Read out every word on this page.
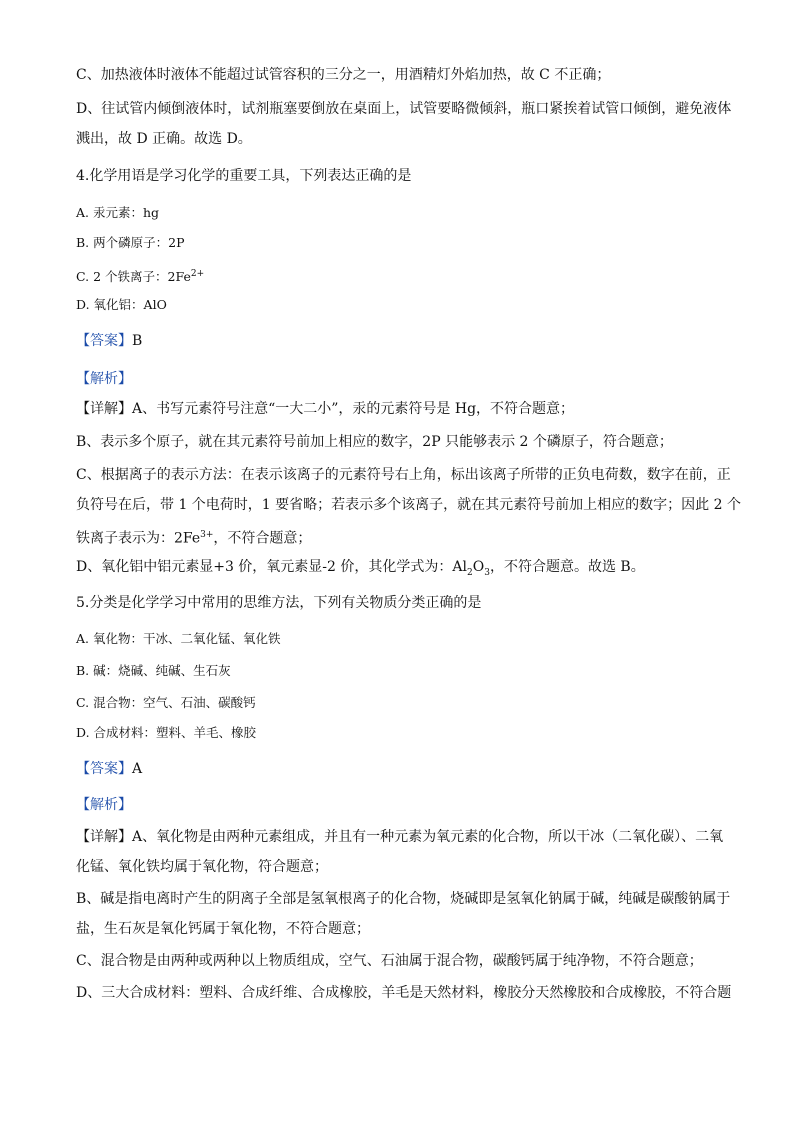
C、加热液体时液体不能超过试管容积的三分之一，用酒精灯外焰加热，故 C 不正确；
D、往试管内倾倒液体时，试剂瓶塞要倒放在桌面上，试管要略微倾斜，瓶口紧挨着试管口倾倒，避免液体
溅出，故 D 正确。故选 D。
4.化学用语是学习化学的重要工具，下列表达正确的是
A. 汞元素：hg
B. 两个磷原子：2P
C. 2 个铁离子：$2Fe^{2+}$
D. 氧化铝：AlO
【答案】B
【解析】
【详解】A、书写元素符号注意“一大二小”，汞的元素符号是 Hg，不符合题意；
B、表示多个原子，就在其元素符号前加上相应的数字，2P 只能够表示 2 个磷原子，符合题意；
C、根据离子的表示方法：在表示该离子的元素符号右上角，标出该离子所带的正负电荷数，数字在前，正
负符号在后，带 1 个电荷时，1 要省略；若表示多个该离子，就在其元素符号前加上相应的数字；因此 2 个
铁离子表示为：$2Fe^{3+}$，不符合题意；
D、氧化铝中铝元素显+3 价，氧元素显-2 价，其化学式为：$Al_2O_3$，不符合题意。故选 B。
5.分类是化学学习中常用的思维方法，下列有关物质分类正确的是
A. 氧化物：干冰、二氧化锰、氧化铁
B. 碱：烧碱、纯碱、生石灰
C. 混合物：空气、石油、碳酸钙
D. 合成材料：塑料、羊毛、橡胶
【答案】A
【解析】
【详解】A、氧化物是由两种元素组成，并且有一种元素为氧元素的化合物，所以干冰（二氧化碳）、二氧
化锰、氧化铁均属于氧化物，符合题意；
B、碱是指电离时产生的阴离子全部是氢氧根离子的化合物，烧碱即是氢氧化钠属于碱，纯碱是碳酸钠属于
盐，生石灰是氧化钙属于氧化物，不符合题意；
C、混合物是由两种或两种以上物质组成，空气、石油属于混合物，碳酸钙属于纯净物，不符合题意；
D、三大合成材料：塑料、合成纤维、合成橡胶，羊毛是天然材料，橡胶分天然橡胶和合成橡胶，不符合题
